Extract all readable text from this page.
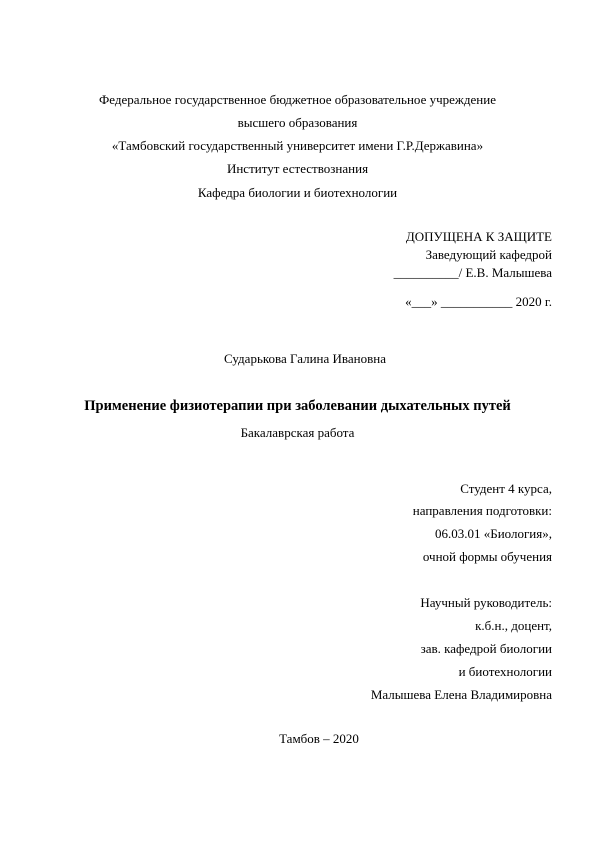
Федеральное государственное бюджетное образовательное учреждение
высшего образования
«Тамбовский государственный университет имени Г.Р.Державина»
Институт естествознания
Кафедра биологии и биотехнологии
ДОПУЩЕНА К ЗАЩИТЕ
Заведующий кафедрой
__________/ Е.В. Малышева
«___» ___________ 2020 г.
Сударькова Галина Ивановна
Применение физиотерапии при заболевании дыхательных путей
Бакалаврская работа
Студент 4 курса,
направления подготовки:
06.03.01 «Биология»,
очной формы обучения
Научный руководитель:
к.б.н., доцент,
зав. кафедрой биологии
и биотехнологии
Малышева Елена Владимировна
Тамбов – 2020
